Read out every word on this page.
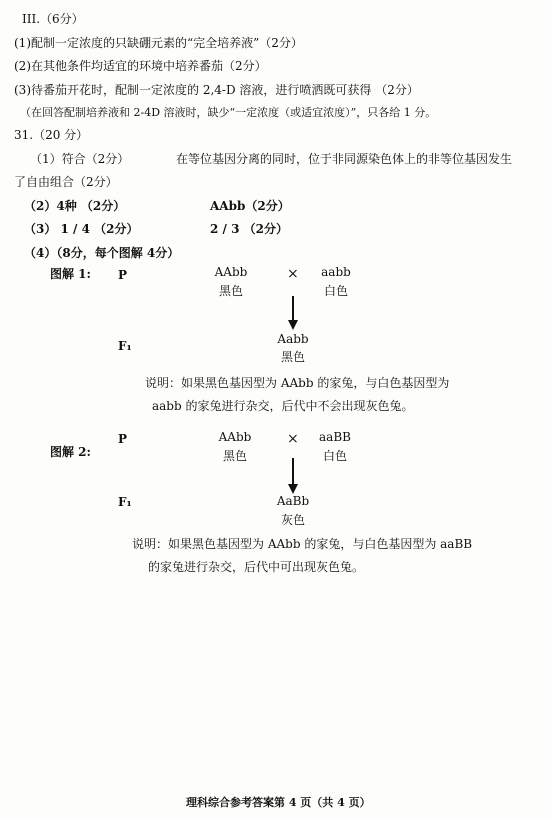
III.（6分）
(1)配制一定浓度的只缺硼元素的“完全培养液”（2分）
(2)在其他条件均适宜的环境中培养番茄（2分）
(3)待番茄开花时，配制一定浓度的 2,4-D 溶液，进行喷洒既可获得 （2分）
（在回答配制培养液和 2-4D 溶液时，缺少“一定浓度（或适宜浓度）”，只各给 1 分。
31.（20 分）
（1）符合（2分）	在等位基因分离的同时，位于非同源染色体上的非等位基因发生
了自由组合（2分）
（2）4种 （2分）	AAbb（2分）
（3） 1 / 4 （2分）	2 / 3 （2分）
（4）（8分，每个图解 4分）
图解 1: P	AAbb
黑色
×	aabb
白色
F₁	Aabb
黑色
说明：如果黑色基因型为 AAbb 的家兔，与白色基因型为
aabb 的家兔进行杂交，后代中不会出现灰色兔。
P
图解 2:
AAbb
黑色
×	aaBB
白色
F₁	AaBb
灰色
说明：如果黑色基因型为 AAbb 的家兔，与白色基因型为 aaBB
的家兔进行杂交，后代中可出现灰色兔。
理科综合参考答案第 4 页（共 4 页）
